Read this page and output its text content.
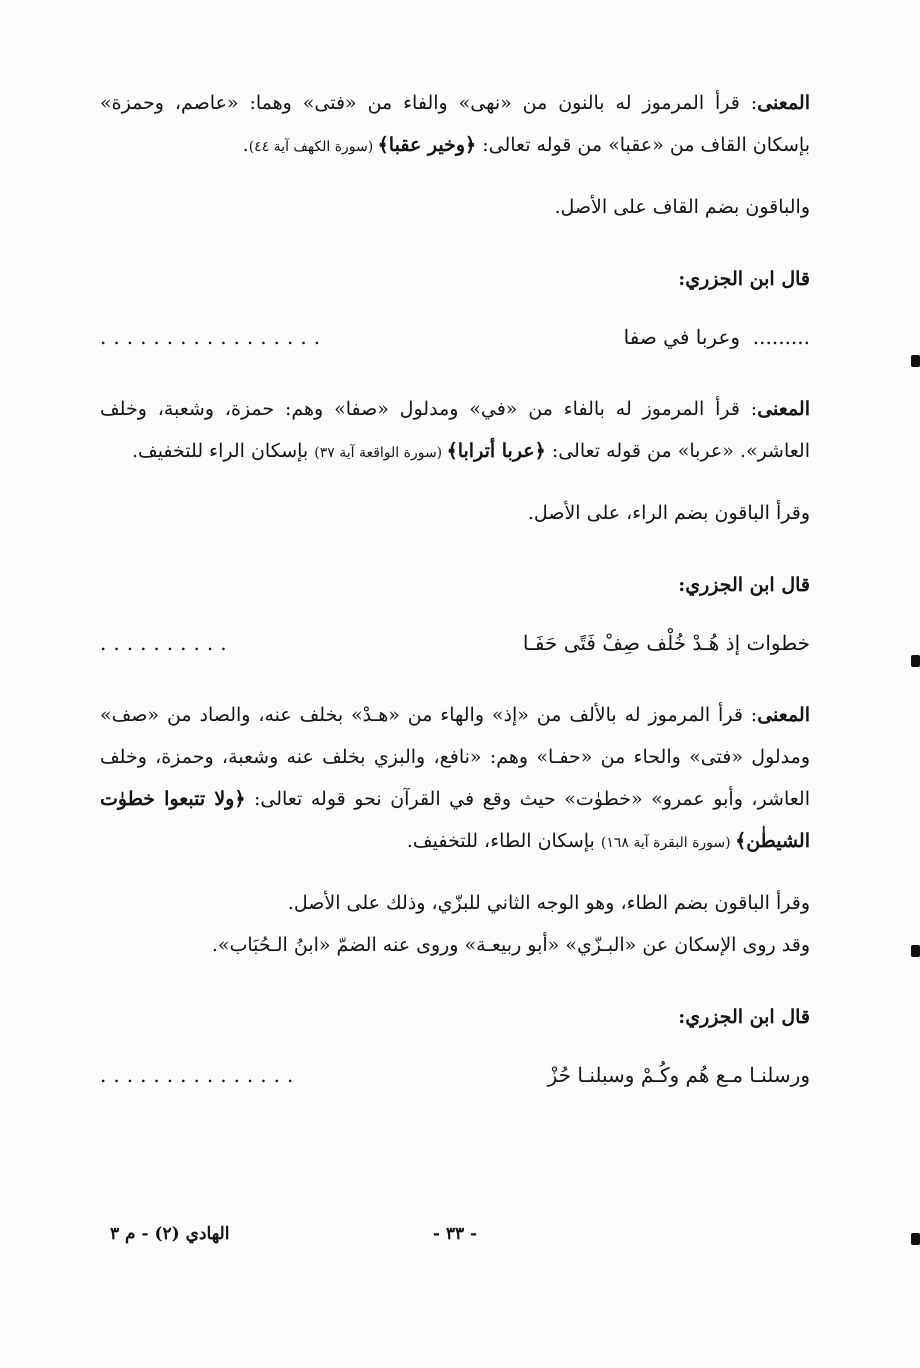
المعنى: قرأ المرموز له بالنون من «نهى» والفاء من «فتى» وهما: «عاصم، وحمزة» بإسكان القاف من «عقبا» من قوله تعالى: ﴿وخير عقبا﴾ (سورة الكهف آية ٤٤).

والباقون بضم القاف على الأصل.

قال ابن الجزري:
.........  وعربا في صفا
.................

المعنى: قرأ المرموز له بالفاء من «في» ومدلول «صفا» وهم: حمزة، وشعبة، وخلف العاشر». «عربا» من قوله تعالى: ﴿عربا أترابا﴾ (سورة الواقعة آية ٣٧) بإسكان الراء للتخفيف.

وقرأ الباقون بضم الراء، على الأصل.

قال ابن الجزري:
خطوات إذ هُـدْ خُلْف صِفْ فَتًى حَفَـا
..........

المعنى: قرأ المرموز له بالألف من «إذ» والهاء من «هـدْ» بخلف عنه، والصاد من «صف» ومدلول «فتى» والحاء من «حفـا» وهم: «نافع، والبزي بخلف عنه وشعبة، وحمزة، وخلف العاشر، وأبو عمرو» «خطوٰت» حيث وقع في القرآن نحو قوله تعالى: ﴿ولا تتبعوا خطوٰت الشيطٰن﴾ (سورة البقرة آية ١٦٨) بإسكان الطاء، للتخفيف.

وقرأ الباقون بضم الطاء، وهو الوجه الثاني للبزّي، وذلك على الأصل.

وقد روى الإسكان عن «البـزّي» «أبو ربيعـة» وروى عنه الضمّ «ابنُ الـحُبَاب».

قال ابن الجزري:
ورسلنـا مـع هُم وكُـمْ وسبلنـا حُزْ
...............
- ٣٣ -
الهادي (٢) - م ٣
